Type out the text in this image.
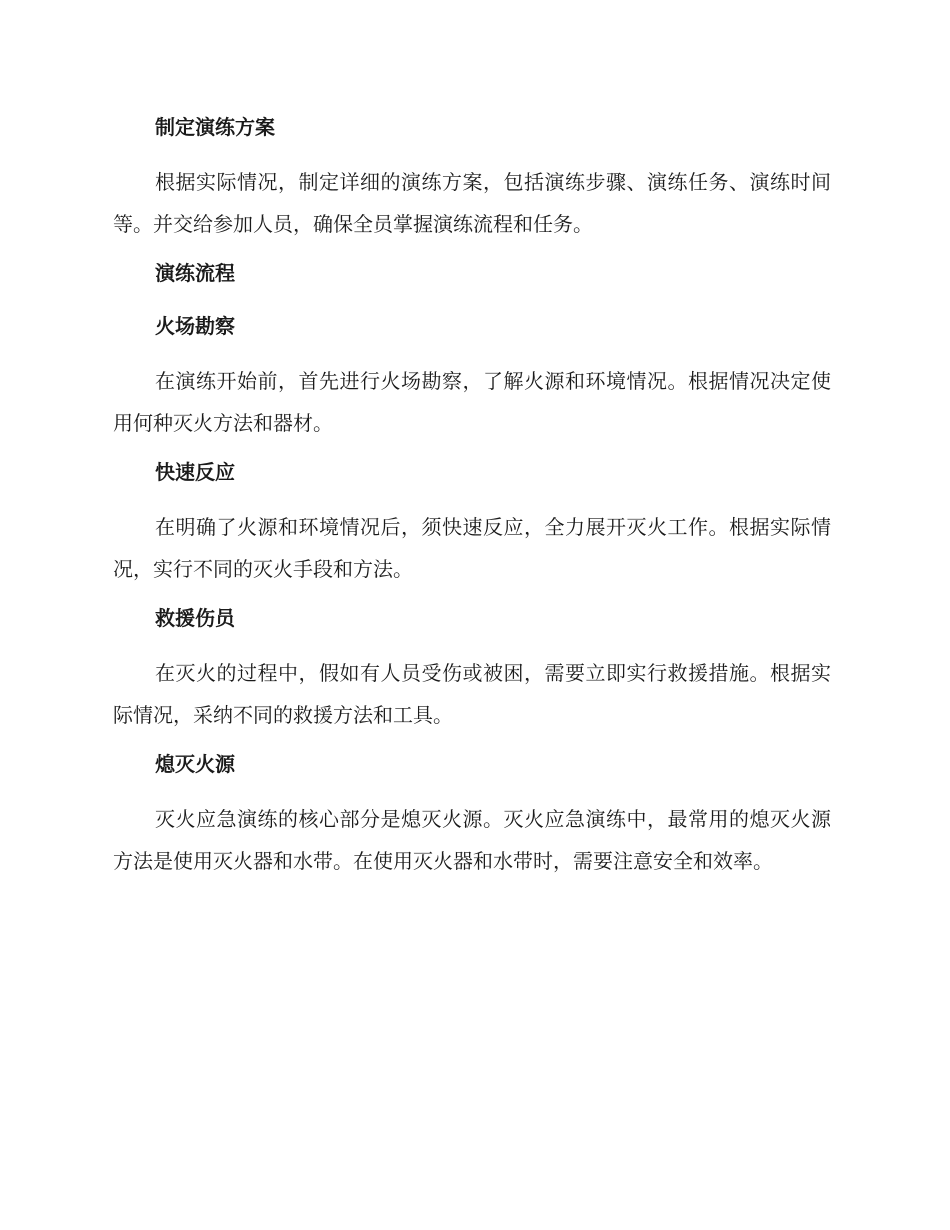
制定演练方案

根据实际情况，制定详细的演练方案，包括演练步骤、演练任务、演练时间等。并交给参加人员，确保全员掌握演练流程和任务。

演练流程
火场勘察

在演练开始前，首先进行火场勘察，了解火源和环境情况。根据情况决定使用何种灭火方法和器材。

快速反应

在明确了火源和环境情况后，须快速反应，全力展开灭火工作。根据实际情况，实行不同的灭火手段和方法。

救援伤员

在灭火的过程中，假如有人员受伤或被困，需要立即实行救援措施。根据实际情况，采纳不同的救援方法和工具。

熄灭火源

灭火应急演练的核心部分是熄灭火源。灭火应急演练中，最常用的熄灭火源方法是使用灭火器和水带。在使用灭火器和水带时，需要注意安全和效率。
